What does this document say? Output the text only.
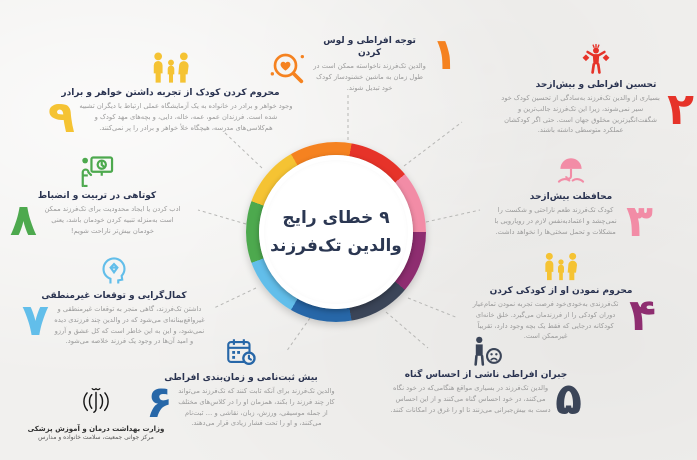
۹ خطای رایج
والدین تک‌فرزند
۱
توجه افراطی و لوس کردن
والدین تک‌فرزند ناخواسته ممکن است در طول زمان به ماشین خشنودساز کودک خود تبدیل شوند.	تحسین افراطی و بیش‌ازحد ۲
بسیاری از والدین تک‌فرزند به‌سادگی از تحسین کودک خود سیر نمی‌شوند، زیرا این تک‌فرزند جالب‌ترین و شگفت‌انگیزترین مخلوق جهان است. حتی اگر کودکشان عملکرد متوسطی داشته باشند.
محافظت بیش‌ازحد ۳
کودک تک‌فرزند طعم ناراحتی و شکست را نمی‌چشد و اعتمادبه‌نفس لازم در رویارویی با مشکلات و تحمل سختی‌ها را نخواهد داشت.
محروم نمودن او از کودکی کردن
۴
تک‌فرزندی به‌خودی‌خود فرصت تجربه نمودن تمام‌عیار دوران کودکی را از فرزندمان می‌گیرد. خلق خانه‌ای کودکانه درجایی که فقط یک بچه وجود دارد، تقریباً غیرممکن است.
جبران افراطی ناشی از احساس گناه
۵
والدین تک‌فرزند در بسیاری مواقع هنگامی‌که در خود نگاه می‌کنند، در خود احساس گناه می‌کنند و از این احساس دست به بیش‌جبرانی می‌زنند تا او را غرق در امکانات کنند.
بیش ثبت‌نامی و زمان‌بندی افراطی
والدین تک‌فرزند برای آنکه ثابت کنند که تک‌فرزند می‌تواند کار چند فرزند را بکند، همزمان او را در کلاس‌های مختلف از جمله موسیقی، ورزش، زبان، نقاشی و … ثبت‌نام می‌کنند، و او را تحت فشار زیادی قرار می‌دهند.
۶
کمال‌گرایی و توقعات غیرمنطقی
داشتن تک‌فرزند، گاهی منجر به توقعات غیرمنطقی و غیرواقع‌بینانه‌ای می‌شود که در والدین چند فرزندی دیده نمی‌شود، و این به این خاطر است که کل عشق و آرزو و امید آن‌ها در وجود یک فرزند خلاصه می‌شود.
۷
کوتاهی در تربیت و انضباط
ادب کردن یا ایجاد محدودیت برای تک‌فرزند ممکن است به‌منزله تنبیه کردن خودمان باشد، یعنی خودمان بیش‌تر ناراحت شویم!
۸
محروم کردن کودک از تجربه داشتن خواهر و برادر
وجود خواهر و برادر در خانواده به یک آزمایشگاه عملی ارتباط با دیگران تشبیه شده است. فرزندان عمو، عمه، خاله، دایی، و بچه‌های مهد کودک و هم‌کلاسی‌های مدرسه، هیچگاه خلأ خواهر و برادر را پر نمی‌کنند.
۹
وزارت بهداشت درمان و آموزش پزشکی
مرکز جوانی جمعیت، سلامت خانواده و مدارس
